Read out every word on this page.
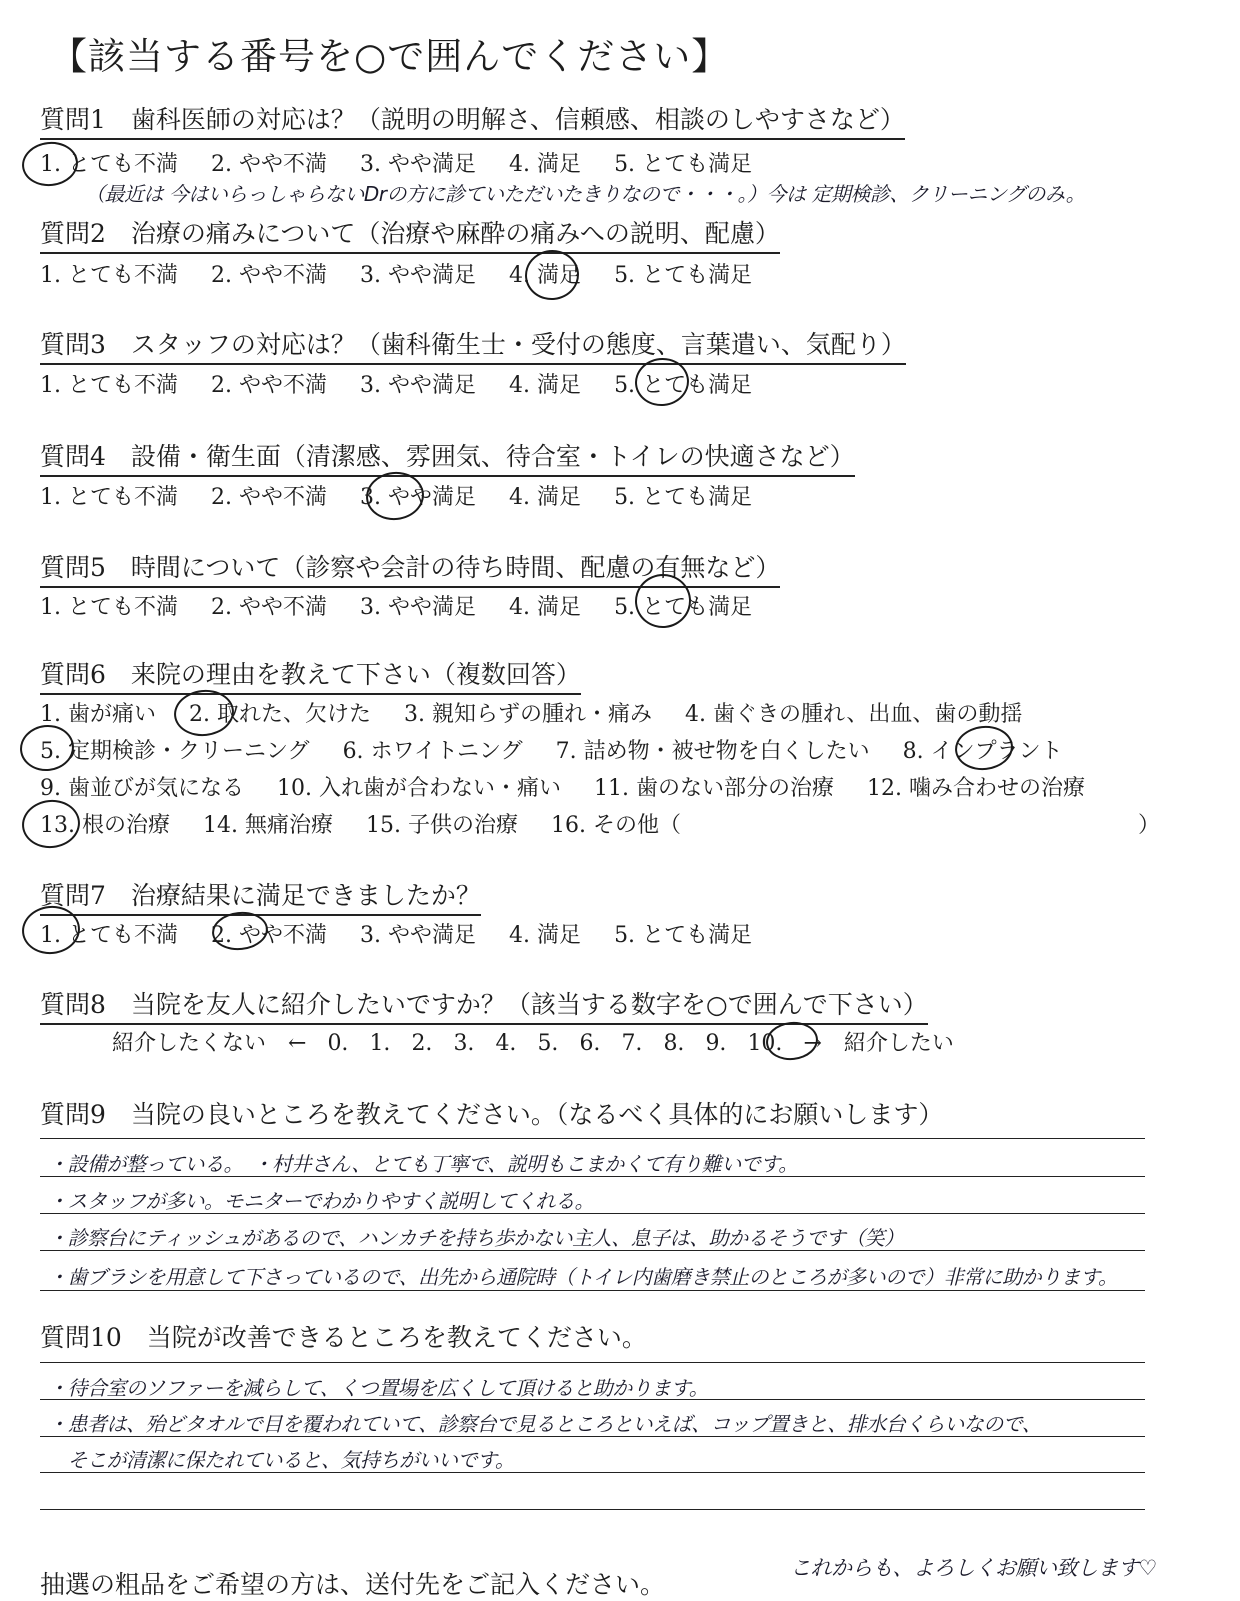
【該当する番号を○で囲んでください】
質問1　歯科医師の対応は？（説明の明解さ、信頼感、相談のしやすさなど）
1. とても不満 2. やや不満 3. やや満足 4. 満足 5. とても満足
（最近は 今はいらっしゃらないDrの方に診ていただいたきりなので・・・。）今は 定期検診、クリーニングのみ。
質問2　治療の痛みについて（治療や麻酔の痛みへの説明、配慮）
1. とても不満 2. やや不満 3. やや満足 4. 満足 5. とても満足
質問3　スタッフの対応は？（歯科衛生士・受付の態度、言葉遣い、気配り）
1. とても不満 2. やや不満 3. やや満足 4. 満足 5. とても満足
質問4　設備・衛生面（清潔感、雰囲気、待合室・トイレの快適さなど）
1. とても不満 2. やや不満 3. やや満足 4. 満足 5. とても満足
質問5　時間について（診察や会計の待ち時間、配慮の有無など）
1. とても不満 2. やや不満 3. やや満足 4. 満足 5. とても満足
質問6　来院の理由を教えて下さい（複数回答）
1. 歯が痛い 2. 取れた、欠けた 3. 親知らずの腫れ・痛み 4. 歯ぐきの腫れ、出血、歯の動揺
5. 定期検診・クリーニング 6. ホワイトニング 7. 詰め物・被せ物を白くしたい 8. インプラント
9. 歯並びが気になる 10. 入れ歯が合わない・痛い 11. 歯のない部分の治療 12. 噛み合わせの治療
13. 根の治療 14. 無痛治療 15. 子供の治療 16. その他（	）
質問7　治療結果に満足できましたか？
1. とても不満 2. やや不満 3. やや満足 4. 満足 5. とても満足
質問8　当院を友人に紹介したいですか？（該当する数字を○で囲んで下さい）
紹介したくない　← 0. 1. 2. 3. 4. 5. 6. 7. 8. 9. 10. →　紹介したい
質問9　当院の良いところを教えてください。（なるべく具体的にお願いします）
・設備が整っている。　・村井さん、とても丁寧で、説明もこまかくて有り難いです。
・スタッフが多い。モニターでわかりやすく説明してくれる。
・診察台にティッシュがあるので、ハンカチを持ち歩かない主人、息子は、助かるそうです（笑）
・歯ブラシを用意して下さっているので、出先から通院時（トイレ内歯磨き禁止のところが多いので）非常に助かります。
質問10　当院が改善できるところを教えてください。
・待合室のソファーを減らして、くつ置場を広くして頂けると助かります。
・患者は、殆どタオルで目を覆われていて、診察台で見るところといえば、コップ置きと、排水台くらいなので、
　そこが清潔に保たれていると、気持ちがいいです。
抽選の粗品をご希望の方は、送付先をご記入ください。
これからも、よろしくお願い致します♡
